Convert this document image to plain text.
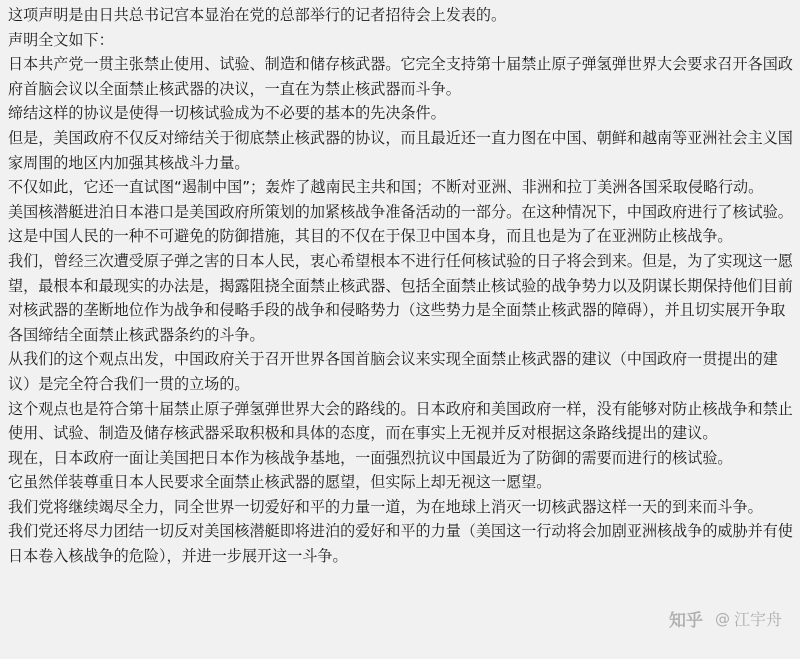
这项声明是由日共总书记宫本显治在党的总部举行的记者招待会上发表的。

声明全文如下：

日本共产党一贯主张禁止使用、试验、制造和储存核武器。它完全支持第十届禁止原子弹氢弹世界大会要求召开各国政府首脑会议以全面禁止核武器的决议，一直在为禁止核武器而斗争。

缔结这样的协议是使得一切核试验成为不必要的基本的先决条件。

但是，美国政府不仅反对缔结关于彻底禁止核武器的协议，而且最近还一直力图在中国、朝鲜和越南等亚洲社会主义国家周围的地区内加强其核战斗力量。

不仅如此，它还一直试图“遏制中国”；轰炸了越南民主共和国；不断对亚洲、非洲和拉丁美洲各国采取侵略行动。

美国核潜艇进泊日本港口是美国政府所策划的加紧核战争准备活动的一部分。在这种情况下，中国政府进行了核试验。这是中国人民的一种不可避免的防御措施，其目的不仅在于保卫中国本身，而且也是为了在亚洲防止核战争。

我们，曾经三次遭受原子弹之害的日本人民，衷心希望根本不进行任何核试验的日子将会到来。但是，为了实现这一愿望，最根本和最现实的办法是，揭露阻挠全面禁止核武器、包括全面禁止核试验的战争势力以及阴谋长期保持他们目前对核武器的垄断地位作为战争和侵略手段的战争和侵略势力（这些势力是全面禁止核武器的障碍），并且切实展开争取各国缔结全面禁止核武器条约的斗争。

从我们的这个观点出发，中国政府关于召开世界各国首脑会议来实现全面禁止核武器的建议（中国政府一贯提出的建议）是完全符合我们一贯的立场的。

这个观点也是符合第十届禁止原子弹氢弹世界大会的路线的。日本政府和美国政府一样，没有能够对防止核战争和禁止使用、试验、制造及储存核武器采取积极和具体的态度，而在事实上无视并反对根据这条路线提出的建议。

现在，日本政府一面让美国把日本作为核战争基地，一面强烈抗议中国最近为了防御的需要而进行的核试验。

它虽然佯装尊重日本人民要求全面禁止核武器的愿望，但实际上却无视这一愿望。

我们党将继续竭尽全力，同全世界一切爱好和平的力量一道，为在地球上消灭一切核武器这样一天的到来而斗争。

我们党还将尽力团结一切反对美国核潜艇即将进泊的爱好和平的力量（美国这一行动将会加剧亚洲核战争的威胁并有使日本卷入核战争的危险），并进一步展开这一斗争。

知乎 @ 江宇舟
